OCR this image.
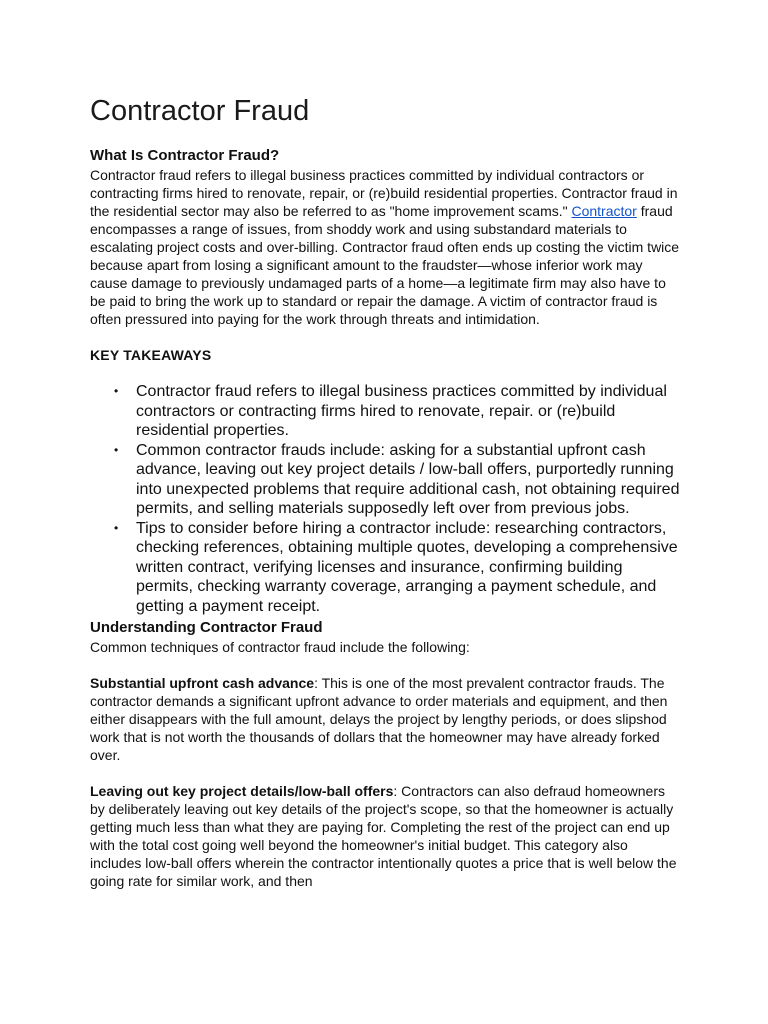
Contractor Fraud
What Is Contractor Fraud?

Contractor fraud refers to illegal business practices committed by individual contractors or contracting firms hired to renovate, repair, or (re)build residential properties. Contractor fraud in the residential sector may also be referred to as "home improvement scams." Contractor fraud encompasses a range of issues, from shoddy work and using substandard materials to escalating project costs and over-billing. Contractor fraud often ends up costing the victim twice because apart from losing a significant amount to the fraudster—whose inferior work may cause damage to previously undamaged parts of a home—a legitimate firm may also have to be paid to bring the work up to standard or repair the damage. A victim of contractor fraud is often pressured into paying for the work through threats and intimidation.

KEY TAKEAWAYS
• Contractor fraud refers to illegal business practices committed by individual contractors or contracting firms hired to renovate, repair. or (re)build residential properties.
• Common contractor frauds include: asking for a substantial upfront cash advance, leaving out key project details / low-ball offers, purportedly running into unexpected problems that require additional cash, not obtaining required permits, and selling materials supposedly left over from previous jobs.
• Tips to consider before hiring a contractor include: researching contractors, checking references, obtaining multiple quotes, developing a comprehensive written contract, verifying licenses and insurance, confirming building permits, checking warranty coverage, arranging a payment schedule, and getting a payment receipt.
Understanding Contractor Fraud

Common techniques of contractor fraud include the following:

Substantial upfront cash advance: This is one of the most prevalent contractor frauds. The contractor demands a significant upfront advance to order materials and equipment, and then either disappears with the full amount, delays the project by lengthy periods, or does slipshod work that is not worth the thousands of dollars that the homeowner may have already forked over.

Leaving out key project details/low-ball offers: Contractors can also defraud homeowners by deliberately leaving out key details of the project's scope, so that the homeowner is actually getting much less than what they are paying for. Completing the rest of the project can end up with the total cost going well beyond the homeowner's initial budget. This category also includes low-ball offers wherein the contractor intentionally quotes a price that is well below the going rate for similar work, and then
